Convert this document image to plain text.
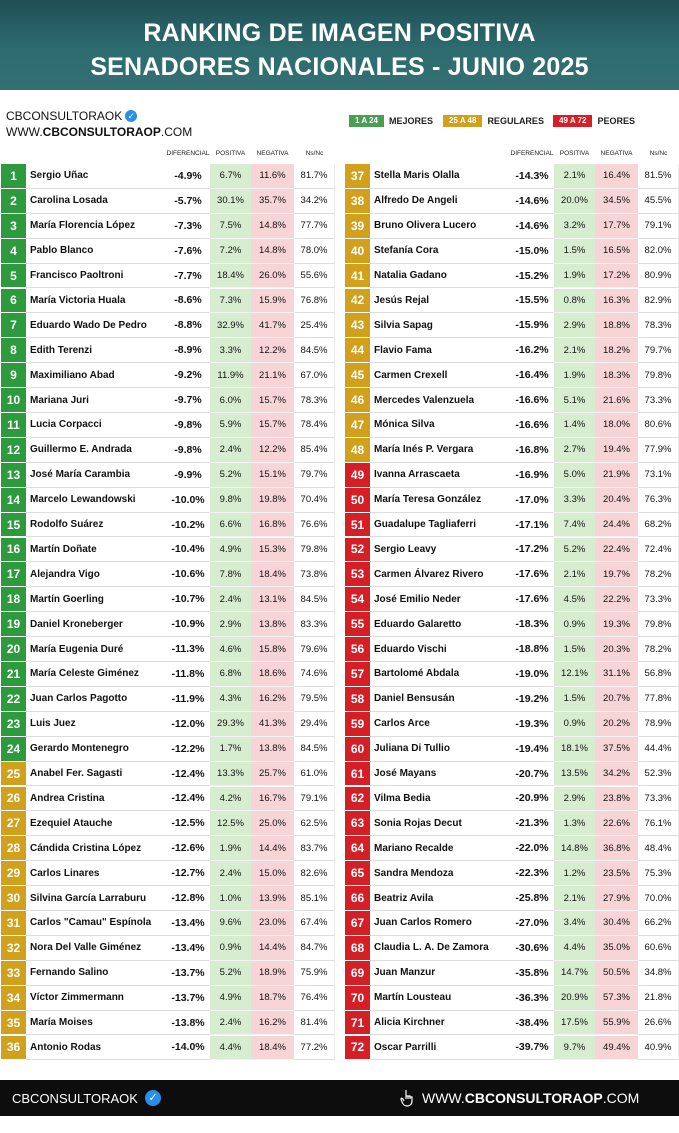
RANKING DE IMAGEN POSITIVA
SENADORES NACIONALES - JUNIO 2025
CBCONSULTORAOK ✓
WWW.CBCONSULTORAOP.COM
1 A 24	MEJORES	25 A 48	REGULARES	49 A 72	PEORES
DIFERENCIAL POSITIVA	NEGATIVA	Ns/Nc	DIFERENCIAL POSITIVA	NEGATIVA	Ns/Nc
1	Sergio Uñac	-4.9%	6.7%	11.6%	81.7%
2	Carolina Losada	-5.7%	30.1%	35.7%	34.2%
3	María Florencia López	-7.3%	7.5%	14.8%	77.7%
4	Pablo Blanco	-7.6%	7.2%	14.8%	78.0%
5	Francisco Paoltroni	-7.7%	18.4%	26.0%	55.6%
6	María Victoria Huala	-8.6%	7.3%	15.9%	76.8%
7	Eduardo Wado De Pedro	-8.8%	32.9%	41.7%	25.4%
8	Edith Terenzi	-8.9%	3.3%	12.2%	84.5%
9	Maximiliano Abad	-9.2%	11.9%	21.1%	67.0%
10 Mariana Juri	-9.7%	6.0%	15.7%	78.3%
11	Lucia Corpacci	-9.8%	5.9%	15.7%	78.4%
12 Guillermo E. Andrada	-9.8%	2.4%	12.2%	85.4%
13 José María Carambia	-9.9%	5.2%	15.1%	79.7%
14 Marcelo Lewandowski	-10.0%	9.8%	19.8%	70.4%
15 Rodolfo Suárez	-10.2%	6.6%	16.8%	76.6%
16 Martín Doñate	-10.4%	4.9%	15.3%	79.8%
17 Alejandra Vigo	-10.6%	7.8%	18.4%	73.8%
18 Martín Goerling	-10.7%	2.4%	13.1%	84.5%
19 Daniel Kroneberger	-10.9%	2.9%	13.8%	83.3%
20 María Eugenia Duré	-11.3%	4.6%	15.8%	79.6%
21 María Celeste Giménez	-11.8%	6.8%	18.6%	74.6%
22 Juan Carlos Pagotto	-11.9%	4.3%	16.2%	79.5%
23 Luis Juez	-12.0%	29.3%	41.3%	29.4%
24 Gerardo Montenegro	-12.2%	1.7%	13.8%	84.5%
25 Anabel Fer. Sagasti	-12.4%	13.3%	25.7%	61.0%
26 Andrea Cristina	-12.4%	4.2%	16.7%	79.1%
27 Ezequiel Atauche	-12.5%	12.5%	25.0%	62.5%
28 Cándida Cristina López	-12.6%	1.9%	14.4%	83.7%
29 Carlos Linares	-12.7%	2.4%	15.0%	82.6%
30 Silvina García Larraburu	-12.8%	1.0%	13.9%	85.1%
31 Carlos "Camau" Espínola	-13.4%	9.6%	23.0%	67.4%
32 Nora Del Valle Giménez	-13.4%	0.9%	14.4%	84.7%
33 Fernando Salino	-13.7%	5.2%	18.9%	75.9%
34 Víctor Zimmermann	-13.7%	4.9%	18.7%	76.4%
35 María Moises	-13.8%	2.4%	16.2%	81.4%
36 Antonio Rodas	-14.0%	4.4%	18.4%	77.2%
37 Stella Maris Olalla	-14.3%	2.1%	16.4%	81.5%
38 Alfredo De Angeli	-14.6%	20.0%	34.5%	45.5%
39 Bruno Olivera Lucero	-14.6%	3.2%	17.7%	79.1%
40 Stefanía Cora	-15.0%	1.5%	16.5%	82.0%
41 Natalia Gadano	-15.2%	1.9%	17.2%	80.9%
42 Jesús Rejal	-15.5%	0.8%	16.3%	82.9%
43 Silvia Sapag	-15.9%	2.9%	18.8%	78.3%
44 Flavio Fama	-16.2%	2.1%	18.2%	79.7%
45 Carmen Crexell	-16.4%	1.9%	18.3%	79.8%
46 Mercedes Valenzuela	-16.6%	5.1%	21.6%	73.3%
47 Mónica Silva	-16.6%	1.4%	18.0%	80.6%
48 María Inés P. Vergara	-16.8%	2.7%	19.4%	77.9%
49 Ivanna Arrascaeta	-16.9%	5.0%	21.9%	73.1%
50 María Teresa González	-17.0%	3.3%	20.4%	76.3%
51 Guadalupe Tagliaferri	-17.1%	7.4%	24.4%	68.2%
52 Sergio Leavy	-17.2%	5.2%	22.4%	72.4%
53 Carmen Álvarez Rivero	-17.6%	2.1%	19.7%	78.2%
54 José Emilio Neder	-17.6%	4.5%	22.2%	73.3%
55 Eduardo Galaretto	-18.3%	0.9%	19.3%	79.8%
56 Eduardo Vischi	-18.8%	1.5%	20.3%	78.2%
57 Bartolomé Abdala	-19.0%	12.1%	31.1%	56.8%
58 Daniel Bensusán	-19.2%	1.5%	20.7%	77.8%
59 Carlos Arce	-19.3%	0.9%	20.2%	78.9%
60 Juliana Di Tullio	-19.4%	18.1%	37.5%	44.4%
61 José Mayans	-20.7%	13.5%	34.2%	52.3%
62 Vilma Bedia	-20.9%	2.9%	23.8%	73.3%
63 Sonia Rojas Decut	-21.3%	1.3%	22.6%	76.1%
64 Mariano Recalde	-22.0%	14.8%	36.8%	48.4%
65 Sandra Mendoza	-22.3%	1.2%	23.5%	75.3%
66 Beatriz Avila	-25.8%	2.1%	27.9%	70.0%
67 Juan Carlos Romero	-27.0%	3.4%	30.4%	66.2%
68 Claudia L. A. De Zamora	-30.6%	4.4%	35.0%	60.6%
69 Juan Manzur	-35.8%	14.7%	50.5%	34.8%
70 Martín Lousteau	-36.3%	20.9%	57.3%	21.8%
71 Alicia Kirchner	-38.4%	17.5%	55.9%	26.6%
72 Oscar Parrilli	-39.7%	9.7%	49.4%	40.9%
CBCONSULTORAOK ✓	WWW.CBCONSULTORAOP.COM
